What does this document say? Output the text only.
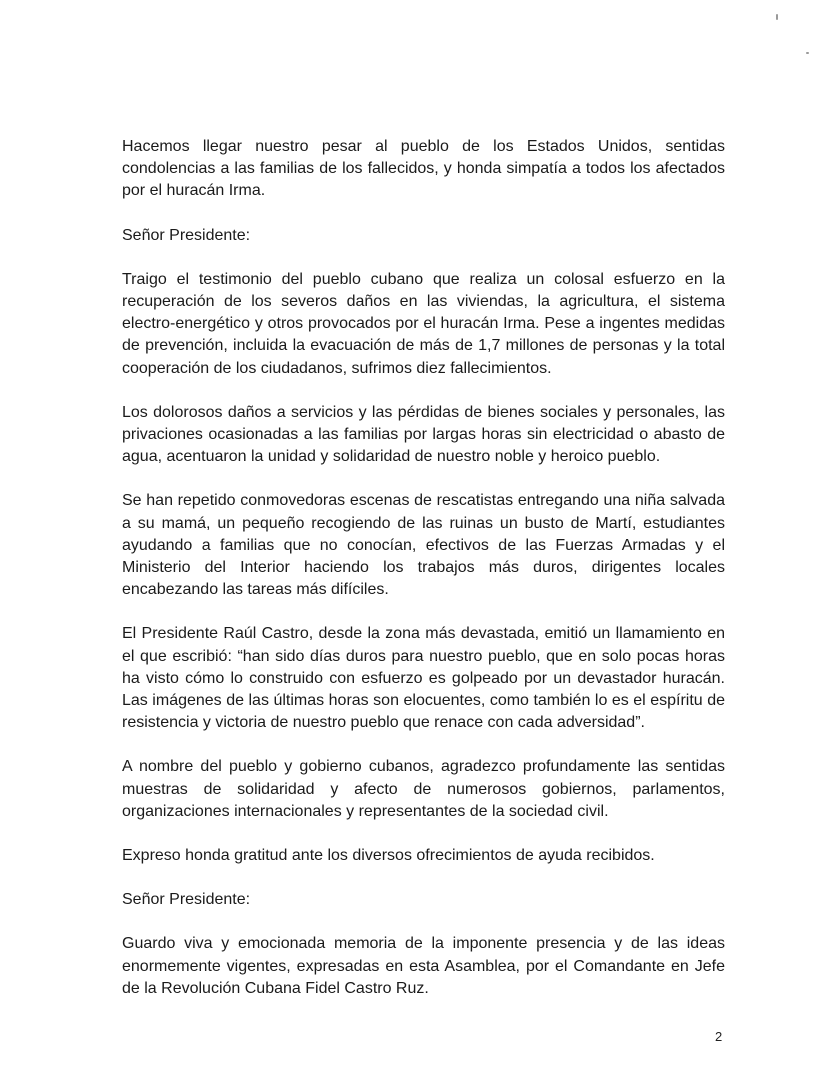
Hacemos llegar nuestro pesar al pueblo de los Estados Unidos, sentidas condolencias a las familias de los fallecidos, y honda simpatía a todos los afectados por el huracán Irma.

Señor Presidente:

Traigo el testimonio del pueblo cubano que realiza un colosal esfuerzo en la recuperación de los severos daños en las viviendas, la agricultura, el sistema electro-energético y otros provocados por el huracán Irma. Pese a ingentes medidas de prevención, incluida la evacuación de más de 1,7 millones de personas y la total cooperación de los ciudadanos, sufrimos diez fallecimientos.

Los dolorosos daños a servicios y las pérdidas de bienes sociales y personales, las privaciones ocasionadas a las familias por largas horas sin electricidad o abasto de agua, acentuaron la unidad y solidaridad de nuestro noble y heroico pueblo.

Se han repetido conmovedoras escenas de rescatistas entregando una niña salvada a su mamá, un pequeño recogiendo de las ruinas un busto de Martí, estudiantes ayudando a familias que no conocían, efectivos de las Fuerzas Armadas y el Ministerio del Interior haciendo los trabajos más duros, dirigentes locales encabezando las tareas más difíciles.

El Presidente Raúl Castro, desde la zona más devastada, emitió un llamamiento en el que escribió: “han sido días duros para nuestro pueblo, que en solo pocas horas ha visto cómo lo construido con esfuerzo es golpeado por un devastador huracán. Las imágenes de las últimas horas son elocuentes, como también lo es el espíritu de resistencia y victoria de nuestro pueblo que renace con cada adversidad”.

A nombre del pueblo y gobierno cubanos, agradezco profundamente las sentidas muestras de solidaridad y afecto de numerosos gobiernos, parlamentos, organizaciones internacionales y representantes de la sociedad civil.

Expreso honda gratitud ante los diversos ofrecimientos de ayuda recibidos.

Señor Presidente:

Guardo viva y emocionada memoria de la imponente presencia y de las ideas enormemente vigentes, expresadas en esta Asamblea, por el Comandante en Jefe de la Revolución Cubana Fidel Castro Ruz.

2
